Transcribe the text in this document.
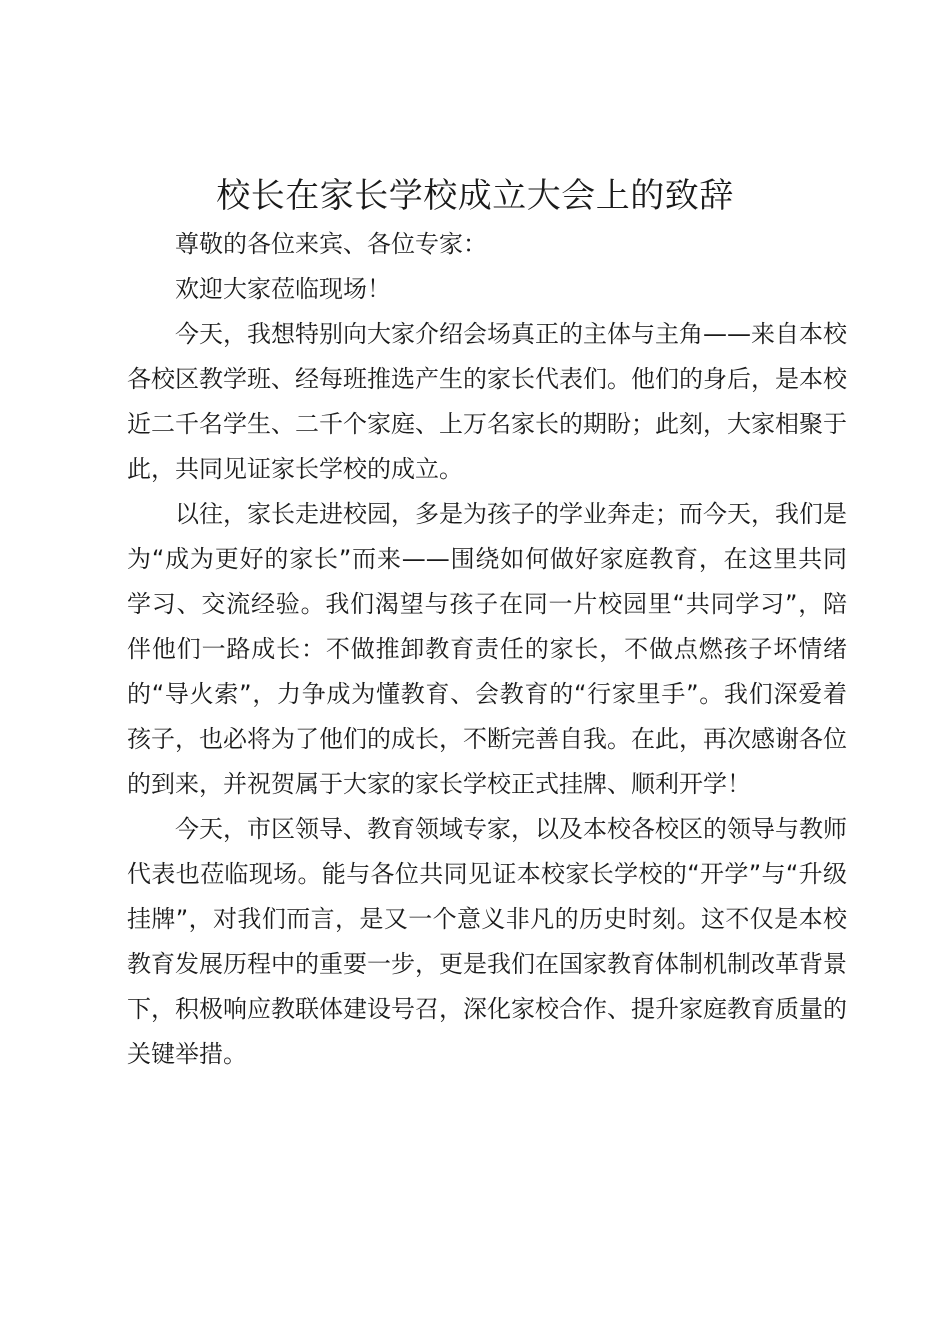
校长在家长学校成立大会上的致辞

尊敬的各位来宾、各位专家：

欢迎大家莅临现场！

今天，我想特别向大家介绍会场真正的主体与主角——来自本校各校区教学班、经每班推选产生的家长代表们。他们的身后，是本校近二千名学生、二千个家庭、上万名家长的期盼；此刻，大家相聚于此，共同见证家长学校的成立。

以往，家长走进校园，多是为孩子的学业奔走；而今天，我们是为“成为更好的家长”而来——围绕如何做好家庭教育，在这里共同学习、交流经验。我们渴望与孩子在同一片校园里“共同学习”，陪伴他们一路成长：不做推卸教育责任的家长，不做点燃孩子坏情绪的“导火索”，力争成为懂教育、会教育的“行家里手”。我们深爱着孩子，也必将为了他们的成长，不断完善自我。在此，再次感谢各位的到来，并祝贺属于大家的家长学校正式挂牌、顺利开学！

今天，市区领导、教育领域专家，以及本校各校区的领导与教师代表也莅临现场。能与各位共同见证本校家长学校的“开学”与“升级挂牌”，对我们而言，是又一个意义非凡的历史时刻。这不仅是本校教育发展历程中的重要一步，更是我们在国家教育体制机制改革背景下，积极响应教联体建设号召，深化家校合作、提升家庭教育质量的关键举措。
